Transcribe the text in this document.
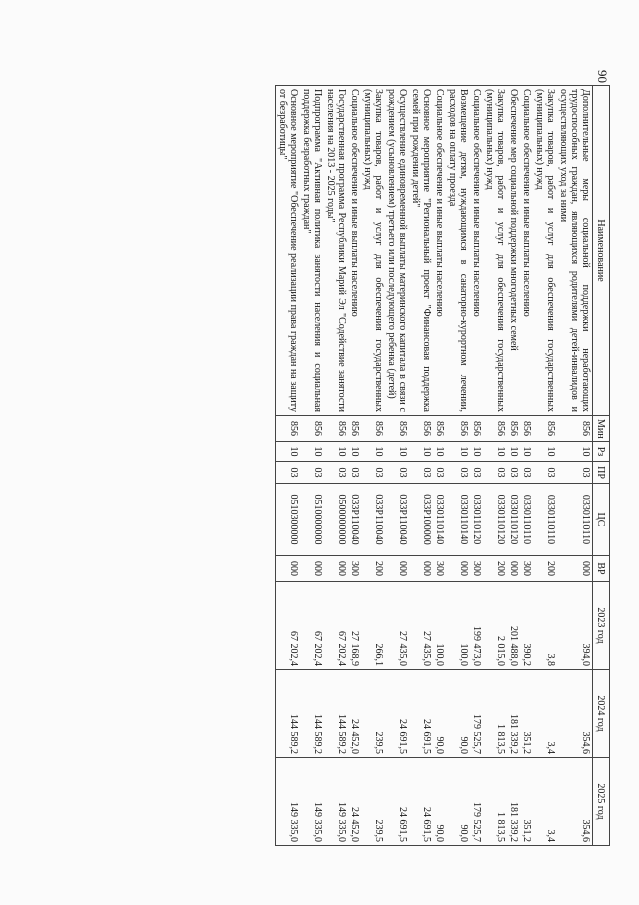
90
Наименование	Мин	Рз	ПР	ЦС	ВР	2023 год	2024 год	2025 год
Дополнительные меры социальной поддержки неработающих трудоспособных граждан, являющихся родителями детей-инвалидов и осуществляющих уход за ними	856	10	03	0330110110	000	394,0	354,6	354,6
Закупка товаров, работ и услуг для обеспечения государственных (муниципальных) нужд	856	10	03	0330110110	200	3,8	3,4	3,4
Социальное обеспечение и иные выплаты населению	856	10	03	0330110110	300	390,2	351,2	351,2
Обеспечение мер социальной поддержки многодетных семей	856	10	03	0330110120	000	201 488,0	181 339,2	181 339,2
Закупка товаров, работ и услуг для обеспечения государственных (муниципальных) нужд	856	10	03	0330110120	200	2 015,0	1 813,5	1 813,5
Социальное обеспечение и иные выплаты населению	856	10	03	0330110120	300	199 473,0	179 525,7	179 525,7
Возмещение детям, нуждающимся в санаторно-курортном лечении, расходов на оплату проезда	856	10	03	0330110140	000	100,0	90,0	90,0
Социальное обеспечение и иные выплаты населению	856	10	03	0330110140	300	100,0	90,0	90,0
Основное мероприятие "Региональный проект "Финансовая поддержка семей при рождении детей"	856	10	03	033P100000	000	27 435,0	24 691,5	24 691,5
Осуществление единовременной выплаты материнского капитала в связи с рождением (усыновлением) третьего или последующего ребенка (детей)	856	10	03	033P110040	000	27 435,0	24 691,5	24 691,5
Закупка товаров, работ и услуг для обеспечения государственных (муниципальных) нужд	856	10	03	033P110040	200	266,1	239,5	239,5
Социальное обеспечение и иные выплаты населению	856	10	03	033P110040	300	27 168,9	24 452,0	24 452,0
Государственная программа Республики Марий Эл "Содействие занятости населения на 2013 - 2025 годы"	856	10	03	0500000000	000	67 202,4	144 589,2	149 335,0
Подпрограмма "Активная политика занятости населения и социальная поддержка безработных граждан"	856	10	03	0510000000	000	67 202,4	144 589,2	149 335,0
Основное мероприятие "Обеспечение реализации права граждан на защиту от безработицы"	856	10	03	0510300000	000	67 202,4	144 589,2	149 335,0
